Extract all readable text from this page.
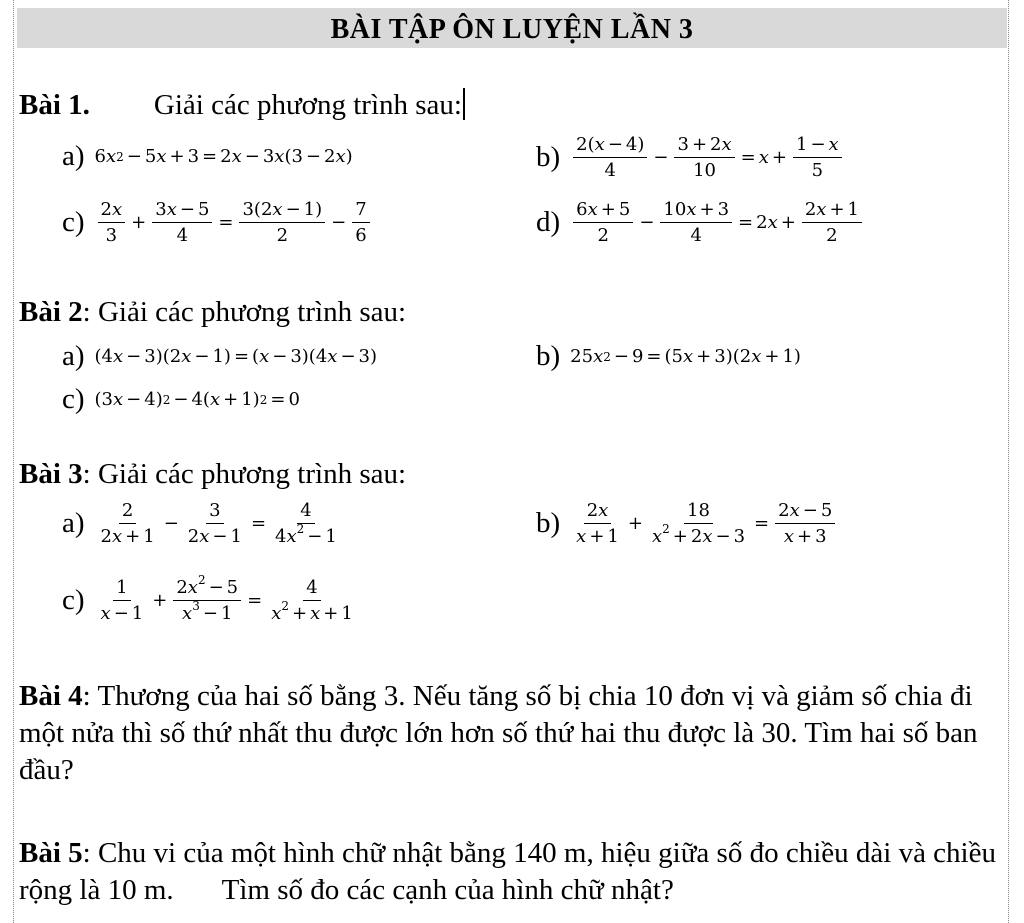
BÀI TẬP ÔN LUYỆN LẦN 3
Bài 1. Giải các phương trình sau:
a) 6 x 2 − 5 x + 3 = 2 x − 3 x (3 − 2 x )	$b) \frac{2(x - 4)}{4} - \frac{3 + 2x}{10} = x + \frac{1 - x}{5}$
$c) \frac{2x}{3} + \frac{3x - 5}{4} = \frac{3(2x - 1)}{2} - \frac{7}{6}$	$d) \frac{6x + 5}{2} - \frac{10x + 3}{4} = 2$ $x + \frac{2x + 1}{2}$
Bài 2: Giải các phương trình sau:
a) (4 x − 3)(2 x − 1) = ( x − 3)(4 x − 3)	b) 25 x 2 − 9 = (5 x + 3)(2 x + 1)
c) (3 x − 4) 2 − 4( x + 1) 2 = 0
Bài 3: Giải các phương trình sau:
$a) \frac{2}{2x + 1} - \frac{3}{2x - 1} = \frac{4}{4x^2 - 1}$	$b) \frac{2x}{x + 1} + \frac{18}{x^2 + 2x - 3} = \frac{2x - 5}{x + 3}$
$c) \frac{1}{x - 1} + \frac{2x^2 - 5}{x^3 - 1} = \frac{4}{x^2 + x + 1}$
Bài 4: Thương của hai số bằng 3. Nếu tăng số bị chia 10 đơn vị và giảm số chia đi một nửa thì số thứ nhất thu được lớn hơn số thứ hai thu được là 30. Tìm hai số ban đầu?
Bài 5: Chu vi của một hình chữ nhật bằng 140 m, hiệu giữa số đo chiều dài và chiều rộng là 10 m. Tìm số đo các cạnh của hình chữ nhật?
